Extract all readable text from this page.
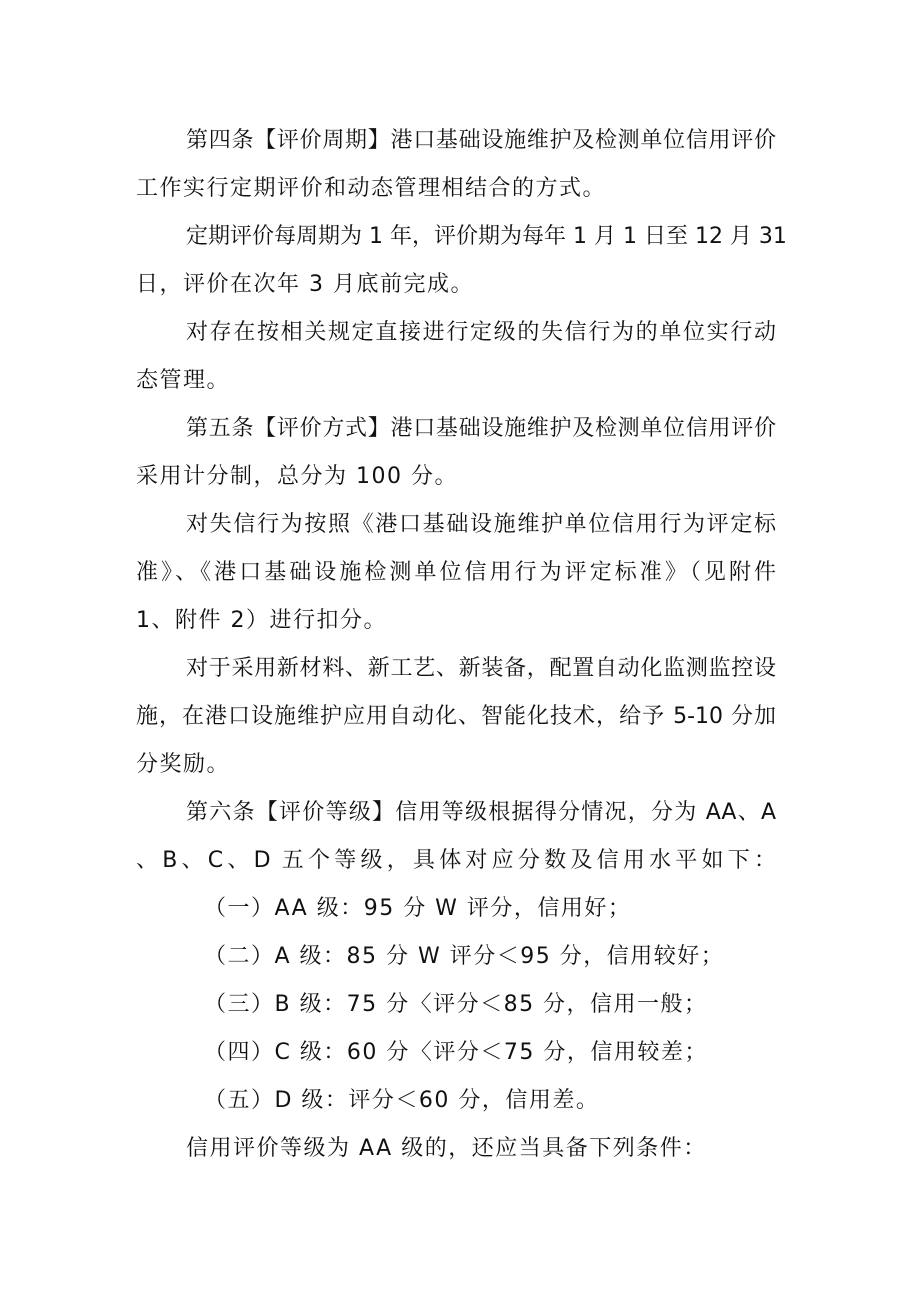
第四条【评价周期】港口基础设施维护及检测单位信用评价
工作实行定期评价和动态管理相结合的方式。
定期评价每周期为 1 年，评价期为每年 1 月 1 日至 12 月 31
日，评价在次年 3 月底前完成。
对存在按相关规定直接进行定级的失信行为的单位实行动
态管理。
第五条【评价方式】港口基础设施维护及检测单位信用评价
采用计分制，总分为 100 分。
对失信行为按照《港口基础设施维护单位信用行为评定标
准》、《港口基础设施检测单位信用行为评定标准》（见附件
1、附件 2）进行扣分。
对于采用新材料、新工艺、新装备，配置自动化监测监控设
施，在港口设施维护应用自动化、智能化技术，给予 5-10 分加
分奖励。
第六条【评价等级】信用等级根据得分情况，分为 AA、A
、B、C、D 五个等级，具体对应分数及信用水平如下：
（一）AA 级：95 分 W 评分，信用好；
（二）A 级：85 分 W 评分＜95 分，信用较好；
（三）B 级：75 分〈评分＜85 分，信用一般；
（四）C 级：60 分〈评分＜75 分，信用较差；
（五）D 级：评分＜60 分，信用差。
信用评价等级为 AA 级的，还应当具备下列条件：
